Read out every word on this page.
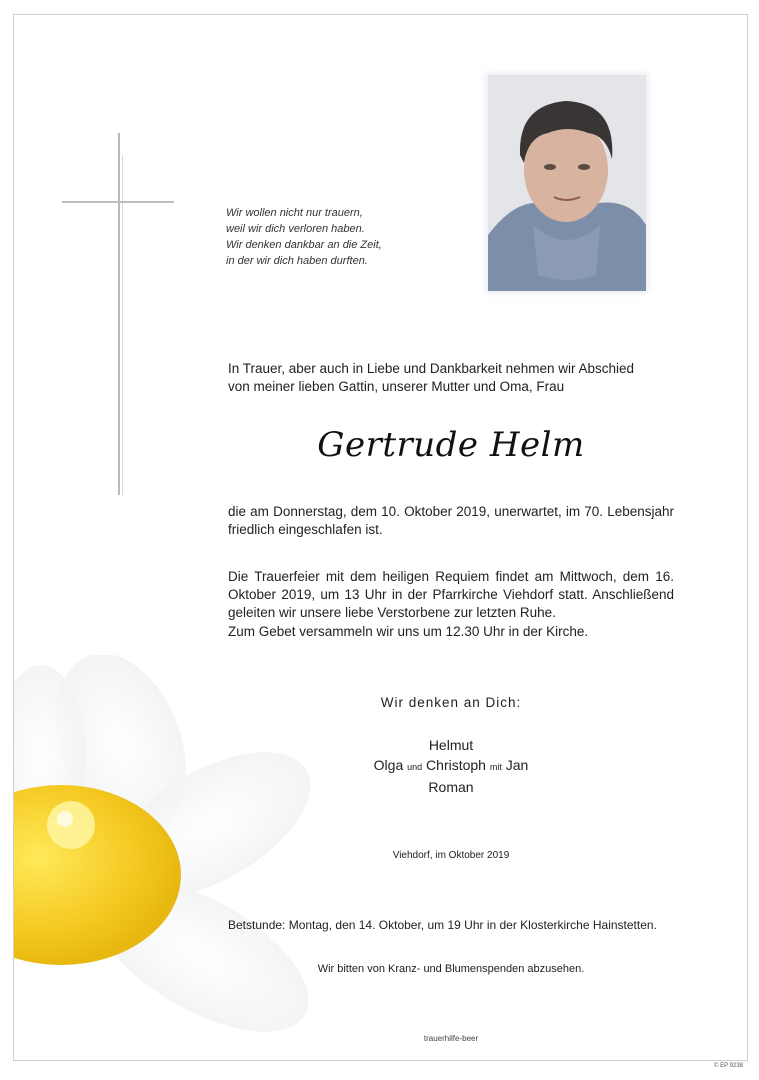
Wir wollen nicht nur trauern,
weil wir dich verloren haben.
Wir denken dankbar an die Zeit,
in der wir dich haben durften.
In Trauer, aber auch in Liebe und Dankbarkeit nehmen wir Abschied
von meiner lieben Gattin, unserer Mutter und Oma, Frau
Gertrude Helm
die am Donnerstag, dem 10. Oktober 2019, unerwartet, im 70. Lebensjahr friedlich eingeschlafen ist.
Die Trauerfeier mit dem heiligen Requiem findet am Mittwoch, dem 16. Oktober 2019, um 13 Uhr in der Pfarrkirche Viehdorf statt. Anschließend geleiten wir unsere liebe Verstorbene zur letzten Ruhe.
Zum Gebet versammeln wir uns um 12.30 Uhr in der Kirche.
Wir denken an Dich:
Helmut
Olga und Christoph mit Jan
Roman
Viehdorf, im Oktober 2019
Betstunde: Montag, den 14. Oktober, um 19 Uhr in der Klosterkirche Hainstetten.
Wir bitten von Kranz- und Blumenspenden abzusehen.
trauerhilfe-beer
© EP 9238
